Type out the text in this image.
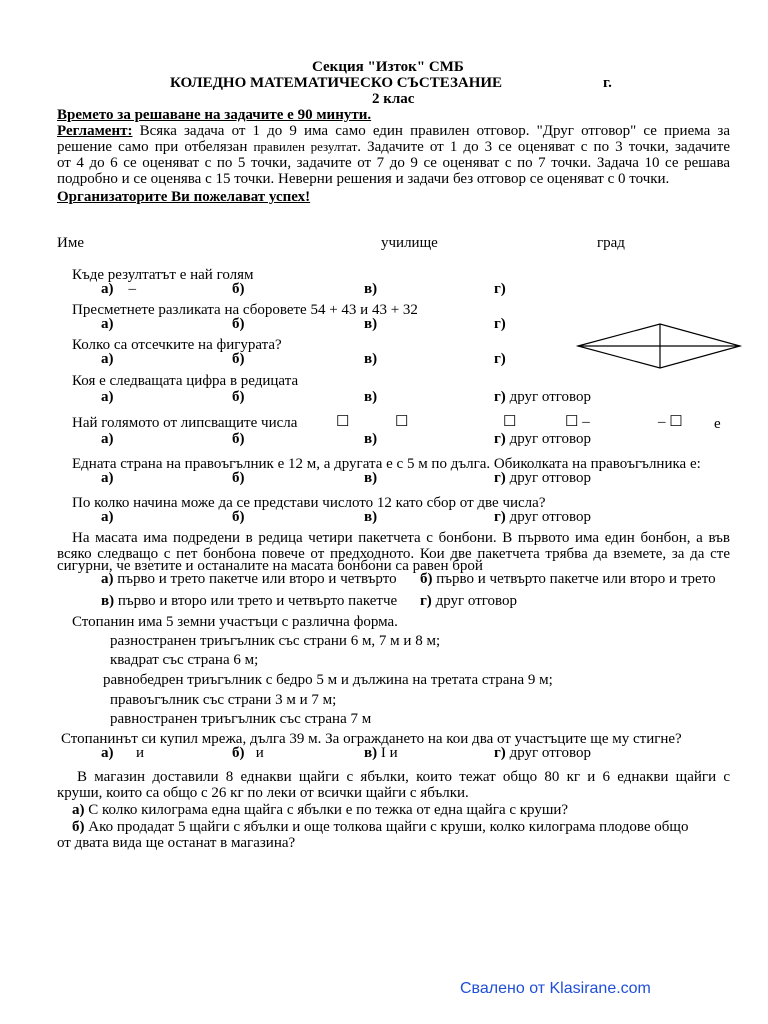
Секция "Изток" СМБ
КОЛЕДНО МАТЕМАТИЧЕСКО СЪСТЕЗАНИЕ	г.
2 клас
Времето за решаване на задачите е 90 минути.
Регламент: Всяка задача от 1 до 9 има само един правилен отговор. "Друг отговор" се приема за
решение само при отбелязан правилен резултат. Задачите от 1 до 3 се оценяват с по 3 точки, задачите
от 4 до 6 се оценяват с по 5 точки, задачите от 7 до 9 се оценяват с по 7 точки. Задача 10 се решава
подробно и се оценява с 15 точки. Неверни решения и задачи без отговор се оценяват с 0 точки.
Организаторите Ви пожелават успех!
Име	училище	град
Къде резултатът е най голям
а) –	б)	в)	г)
Пресметнете разликата на сборовете 54 + 43 и 43 + 32
а)	б)	в)	г)
Колко са отсечките на фигурата?
а)	б)	в)	г)
Коя е следващата цифра в редицата
а)	б)	в)	г) друг отговор
Най голямото от липсващите числа	☐	☐	☐	☐ –	– ☐ е
а)	б)	в)	г) друг отговор
Едната страна на правоъгълник е 12 м, а другата е с 5 м по дълга. Обиколката на правоъгълника е:
а)	б)	в)	г) друг отговор
По колко начина може да се представи числото 12 като сбор от две числа?
а)	б)	в)	г) друг отговор
На масата има подредени в редица четири пакетчета с бонбони. В първото има един бонбон, а във
всяко следващо с пет бонбона повече от предходното. Кои две пакетчета трябва да вземете, за да сте
сигурни, че взетите и останалите на масата бонбони са равен брой
а) първо и трето пакетче или второ и четвърто б) първо и четвърто пакетче или второ и трето
в) първо и второ или трето и четвърто пакетче г) друг отговор
Стопанин има 5 земни участъци с различна форма.
разностранен триъгълник със страни 6 м, 7 м и 8 м;
квадрат със страна 6 м;
равнобедрен триъгълник с бедро 5 м и дължина на третата страна 9 м;
правоъгълник със страни 3 м и 7 м;
равностранен триъгълник със страна 7 м
Стопанинът си купил мрежа, дълга 39 м. За ограждането на кои два от участъците ще му стигне?
а) и	б) и	в) I и	г) друг отговор
В магазин доставили 8 еднакви щайги с ябълки, които тежат общо 80 кг и 6 еднакви щайги с
круши, които са общо с 26 кг по леки от всички щайги с ябълки.
а) С колко килограма една щайга с ябълки е по тежка от една щайга с круши?
б) Ако продадат 5 щайги с ябълки и още толкова щайги с круши, колко килограма плодове общо
от двата вида ще останат в магазина?
Свалено от Klasirane.com
